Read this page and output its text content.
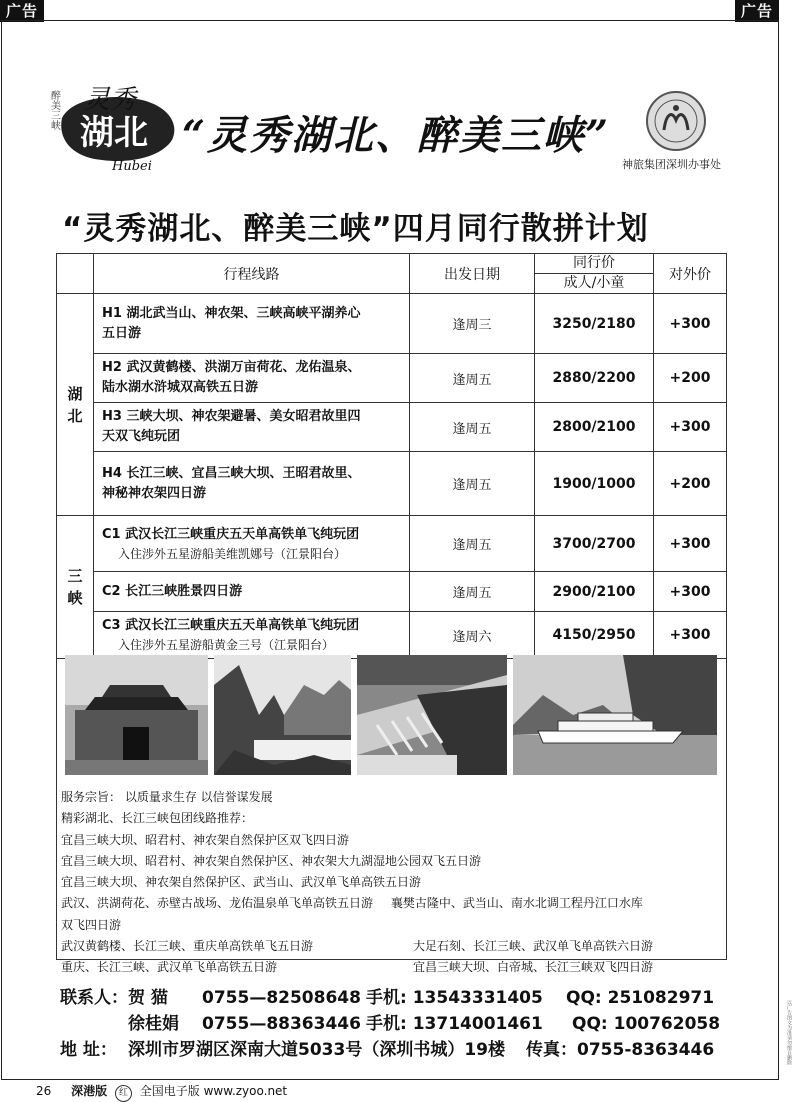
广告	广告
灵秀
湖北
醉美三峡
Hubei
“灵秀湖北、醉美三峡”
神旅集团深圳办事处
“灵秀湖北、醉美三峡”四月同行散拼计划
	行程线路	出发日期	同行价
成人/小童	对外价
湖
北	H1 湖北武当山、神农架、三峡高峡平湖养心
五日游	逢周三	3250/2180	+300
	H2 武汉黄鹤楼、洪湖万亩荷花、龙佑温泉、
陆水湖水浒城双高铁五日游	逢周五	2880/2200	+200
	H3 三峡大坝、神农架避暑、美女昭君故里四
天双飞纯玩团	逢周五	2800/2100	+300
	H4 长江三峡、宜昌三峡大坝、王昭君故里、
神秘神农架四日游	逢周五	1900/1000	+200
三
峡	C1 武汉长江三峡重庆五天单高铁单飞纯玩团
入住涉外五星游船美维凯娜号（江景阳台）	逢周五	3700/2700	+300
	C2 长江三峡胜景四日游	逢周五	2900/2100	+300
	C3 武汉长江三峡重庆五天单高铁单飞纯玩团
入住涉外五星游船黄金三号（江景阳台）	逢周六	4150/2950	+300
服务宗旨： 以质量求生存 以信誉谋发展
精彩湖北、长江三峡包团线路推荐：
宜昌三峡大坝、昭君村、神农架自然保护区双飞四日游
宜昌三峡大坝、昭君村、神农架自然保护区、神农架大九湖湿地公园双飞五日游
宜昌三峡大坝、神农架自然保护区、武当山、武汉单飞单高铁五日游
武汉、洪湖荷花、赤壁古战场、龙佑温泉单飞单高铁五日游 襄樊古隆中、武当山、南水北调工程丹江口水库
双飞四日游
武汉黄鹤楼、长江三峡、重庆单高铁单飞五日游	大足石刻、长江三峡、武汉单飞单高铁六日游
重庆、长江三峡、武汉单飞单高铁五日游	宜昌三峡大坝、白帝城、长江三峡双飞四日游
联系人： 贺 猫 0755—82508648 手机: 13543331405 QQ: 251082971
徐桂娟 0755—88363446 手机: 13714001461 QQ: 100762058
地 址： 深圳市罗湖区深南大道5033号（深圳书城）19楼 传真：0755-8363446
26 深港版 红 全国电子版 www.zyoo.net
以广告图文为准请勿擅自删除
